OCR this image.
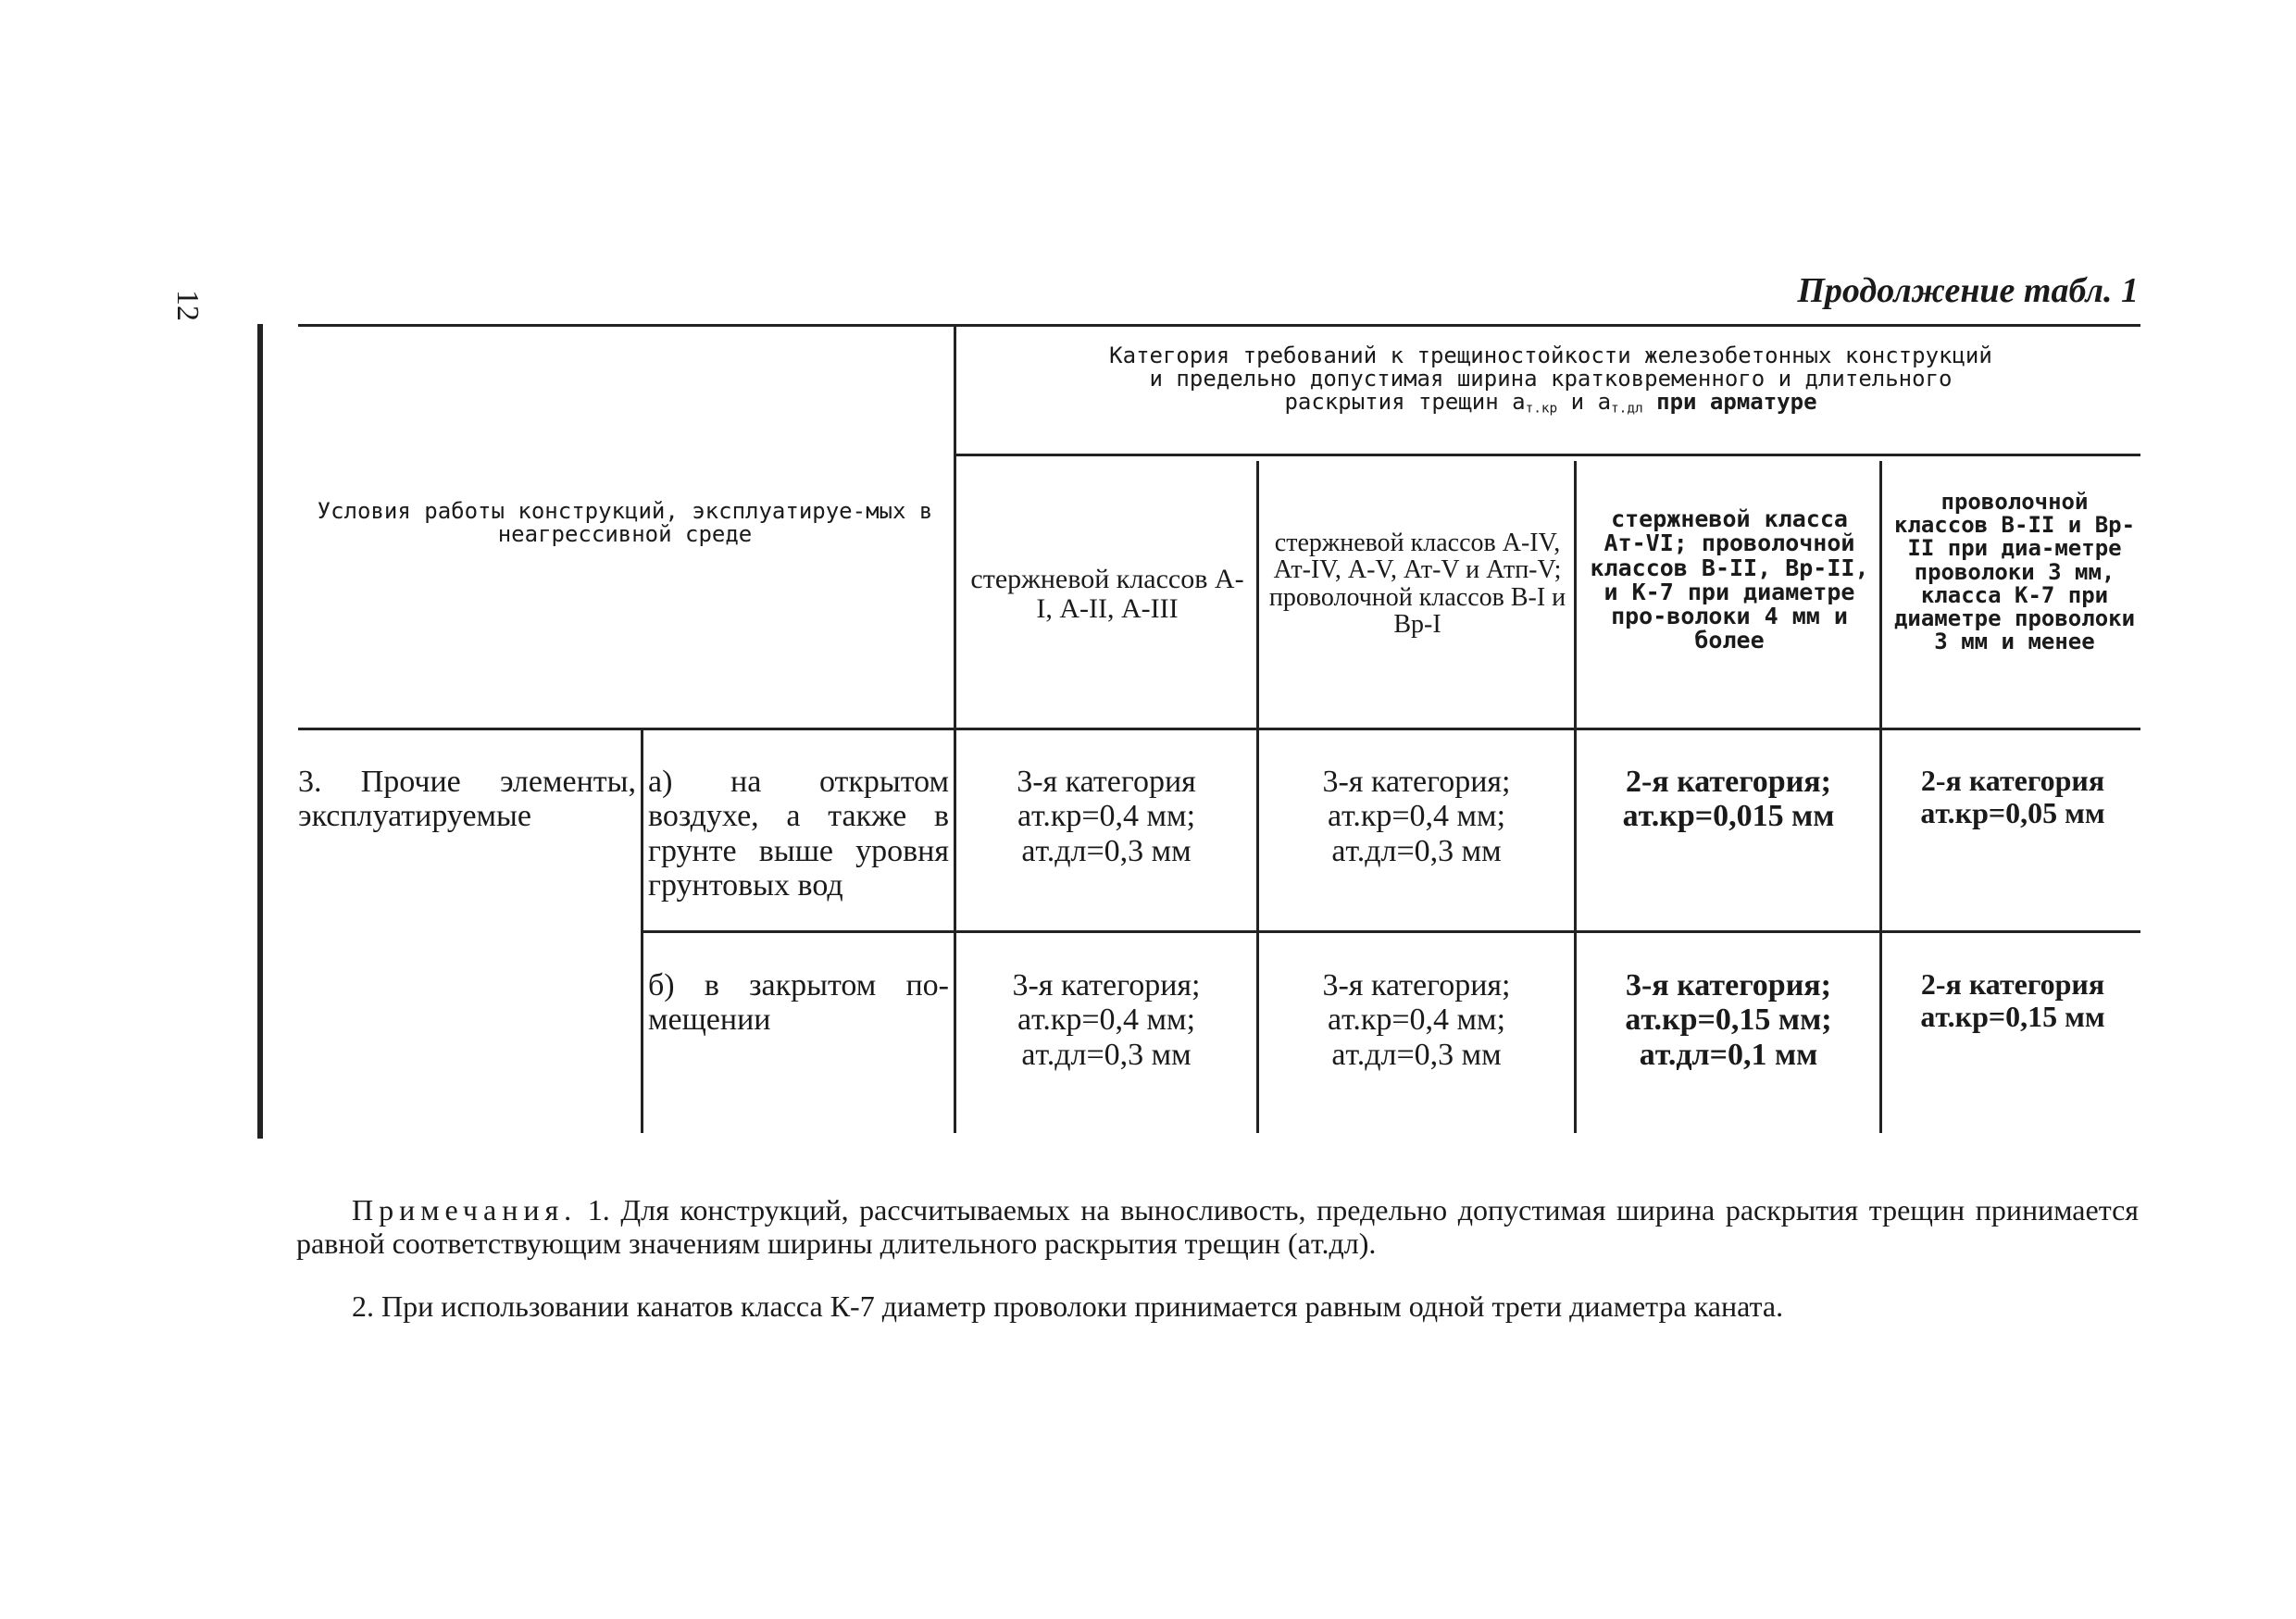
12	Продолжение табл. 1
Условия работы конструкций, эксплуатируе-мых в неагрессивной среде
Категория требований к трещиностойкости железобетонных конструкций
и предельно допустимая ширина кратковременного и длительного
раскрытия трещин $a_{т.кр}$ и $a_{т.дл}$ при арматуре
стержневой классов А-I, А-II, А-III
стержневой классов А-IV, Ат-IV, А-V, Ат-V и Атп-V; проволочной классов В-I и Вр-I
стержневой класса Ат-VI; проволочной классов В-II, Вр-II, и К-7 при диаметре про-волоки 4 мм и более
проволочной классов В-II и Вр-II при диа-метре проволоки 3 мм, класса К-7 при диаметре проволоки 3 мм и менее
3. Прочие элементы, эксплуатируемые
а) на открытом воздухе, а также в грунте выше уровня грунтовых вод
3-я категория
aт.кр=0,4 мм;
aт.дл=0,3 мм
3-я категория;
aт.кр=0,4 мм;
aт.дл=0,3 мм
2-я категория;
aт.кр=0,015 мм
2-я категория
aт.кр=0,05 мм
б) в закрытом по-мещении
3-я категория;
aт.кр=0,4 мм;
aт.дл=0,3 мм
3-я категория;
aт.кр=0,4 мм;
aт.дл=0,3 мм
3-я категория;
aт.кр=0,15 мм;
aт.дл=0,1 мм
2-я категория
aт.кр=0,15 мм
Примечания. 1. Для конструкций, рассчитываемых на выносливость, предельно допустимая ширина раскрытия трещин принимается равной соответствующим значениям ширины длительного раскрытия трещин (aт.дл).
2. При использовании канатов класса К-7 диаметр проволоки принимается равным одной трети диаметра каната.
